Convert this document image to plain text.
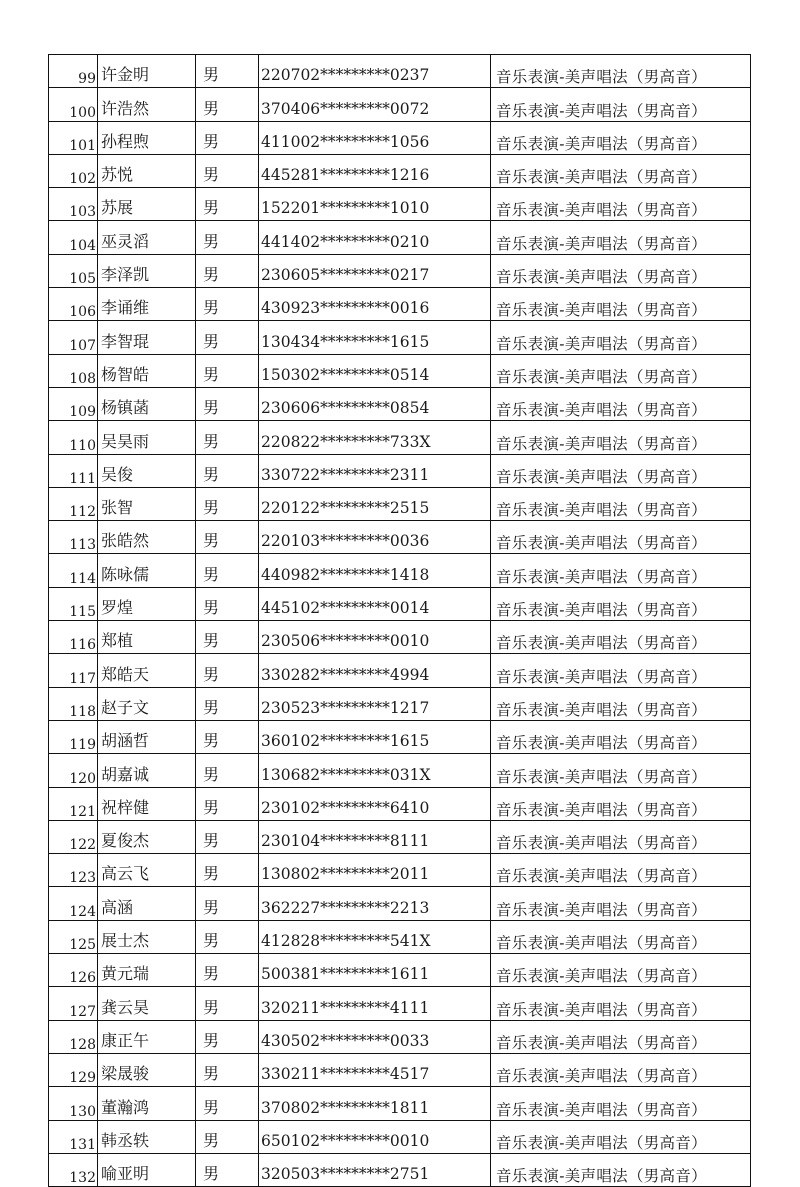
99	许金明	男	220702*********0237	音乐表演-美声唱法（男高音）
100	许浩然	男	370406*********0072	音乐表演-美声唱法（男高音）
101	孙程煦	男	411002*********1056	音乐表演-美声唱法（男高音）
102	苏悦	男	445281*********1216	音乐表演-美声唱法（男高音）
103	苏展	男	152201*********1010	音乐表演-美声唱法（男高音）
104	巫灵滔	男	441402*********0210	音乐表演-美声唱法（男高音）
105	李泽凯	男	230605*********0217	音乐表演-美声唱法（男高音）
106	李诵维	男	430923*********0016	音乐表演-美声唱法（男高音）
107	李智琨	男	130434*********1615	音乐表演-美声唱法（男高音）
108	杨智皓	男	150302*********0514	音乐表演-美声唱法（男高音）
109	杨镇菡	男	230606*********0854	音乐表演-美声唱法（男高音）
110	吴昊雨	男	220822*********733X	音乐表演-美声唱法（男高音）
111	吴俊	男	330722*********2311	音乐表演-美声唱法（男高音）
112	张智	男	220122*********2515	音乐表演-美声唱法（男高音）
113	张皓然	男	220103*********0036	音乐表演-美声唱法（男高音）
114	陈咏儒	男	440982*********1418	音乐表演-美声唱法（男高音）
115	罗煌	男	445102*********0014	音乐表演-美声唱法（男高音）
116	郑植	男	230506*********0010	音乐表演-美声唱法（男高音）
117	郑皓天	男	330282*********4994	音乐表演-美声唱法（男高音）
118	赵子文	男	230523*********1217	音乐表演-美声唱法（男高音）
119	胡涵哲	男	360102*********1615	音乐表演-美声唱法（男高音）
120	胡嘉诚	男	130682*********031X	音乐表演-美声唱法（男高音）
121	祝梓健	男	230102*********6410	音乐表演-美声唱法（男高音）
122	夏俊杰	男	230104*********8111	音乐表演-美声唱法（男高音）
123	高云飞	男	130802*********2011	音乐表演-美声唱法（男高音）
124	高涵	男	362227*********2213	音乐表演-美声唱法（男高音）
125	展士杰	男	412828*********541X	音乐表演-美声唱法（男高音）
126	黄元瑞	男	500381*********1611	音乐表演-美声唱法（男高音）
127	龚云昊	男	320211*********4111	音乐表演-美声唱法（男高音）
128	康正午	男	430502*********0033	音乐表演-美声唱法（男高音）
129	梁晟骏	男	330211*********4517	音乐表演-美声唱法（男高音）
130	董瀚鸿	男	370802*********1811	音乐表演-美声唱法（男高音）
131	韩丞轶	男	650102*********0010	音乐表演-美声唱法（男高音）
132	喻亚明	男	320503*********2751	音乐表演-美声唱法（男高音）
